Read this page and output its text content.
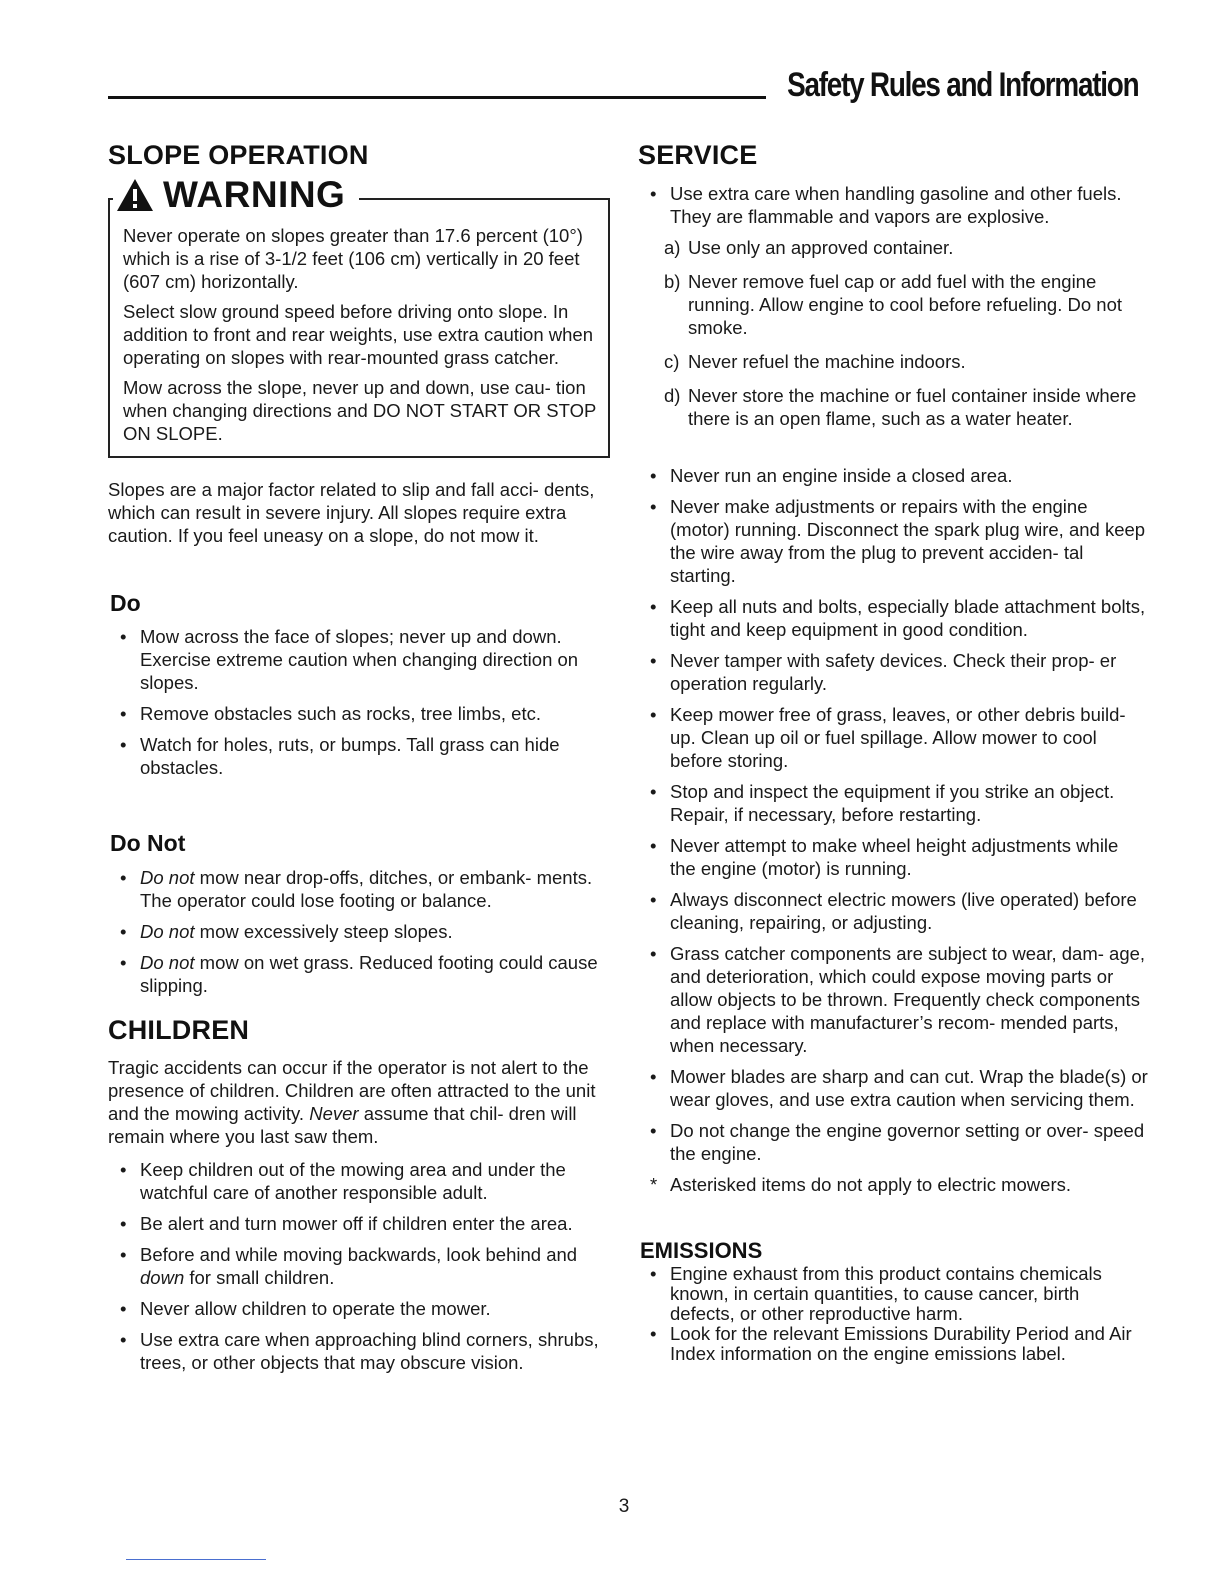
Safety Rules and Information
SLOPE OPERATION
WARNING

Never operate on slopes greater than 17.6 percent (10°) which is a rise of 3-1/2 feet (106 cm) vertically in 20 feet (607 cm) horizontally.

Select slow ground speed before driving onto slope. In addition to front and rear weights, use extra caution when operating on slopes with rear-mounted grass catcher.

Mow across the slope, never up and down, use cau- tion when changing directions and DO NOT START OR STOP ON SLOPE.

Slopes are a major factor related to slip and fall acci- dents, which can result in severe injury. All slopes require extra caution. If you feel uneasy on a slope, do not mow it.

Do
• Mow across the face of slopes; never up and down. Exercise extreme caution when changing direction on slopes.
• Remove obstacles such as rocks, tree limbs, etc.
• Watch for holes, ruts, or bumps. Tall grass can hide obstacles.
Do Not
• Do not mow near drop-offs, ditches, or embank- ments. The operator could lose footing or balance.
• Do not mow excessively steep slopes.
• Do not mow on wet grass. Reduced footing could cause slipping.
CHILDREN

Tragic accidents can occur if the operator is not alert to the presence of children. Children are often attracted to the unit and the mowing activity. Never assume that chil- dren will remain where you last saw them.

• Keep children out of the mowing area and under the watchful care of another responsible adult.
• Be alert and turn mower off if children enter the area.
• Before and while moving backwards, look behind and down for small children.
• Never allow children to operate the mower.
• Use extra care when approaching blind corners, shrubs, trees, or other objects that may obscure vision.
SERVICE
• Use extra care when handling gasoline and other fuels. They are flammable and vapors are explosive.
a) Use only an approved container.
b) Never remove fuel cap or add fuel with the engine running. Allow engine to cool before refueling. Do not smoke.
c) Never refuel the machine indoors.
d) Never store the machine or fuel container inside where there is an open flame, such as a water heater.
• Never run an engine inside a closed area.
• Never make adjustments or repairs with the engine (motor) running. Disconnect the spark plug wire, and keep the wire away from the plug to prevent acciden- tal starting.
• Keep all nuts and bolts, especially blade attachment bolts, tight and keep equipment in good condition.
• Never tamper with safety devices. Check their prop- er operation regularly.
• Keep mower free of grass, leaves, or other debris build-up. Clean up oil or fuel spillage. Allow mower to cool before storing.
• Stop and inspect the equipment if you strike an object. Repair, if necessary, before restarting.
• Never attempt to make wheel height adjustments while the engine (motor) is running.
• Always disconnect electric mowers (live operated) before cleaning, repairing, or adjusting.
• Grass catcher components are subject to wear, dam- age, and deterioration, which could expose moving parts or allow objects to be thrown. Frequently check components and replace with manufacturer’s recom- mended parts, when necessary.
• Mower blades are sharp and can cut. Wrap the blade(s) or wear gloves, and use extra caution when servicing them.
• Do not change the engine governor setting or over- speed the engine.
* Asterisked items do not apply to electric mowers.
EMISSIONS
• Engine exhaust from this product contains chemicals known, in certain quantities, to cause cancer, birth defects, or other reproductive harm.
• Look for the relevant Emissions Durability Period and Air Index information on the engine emissions label.
3
